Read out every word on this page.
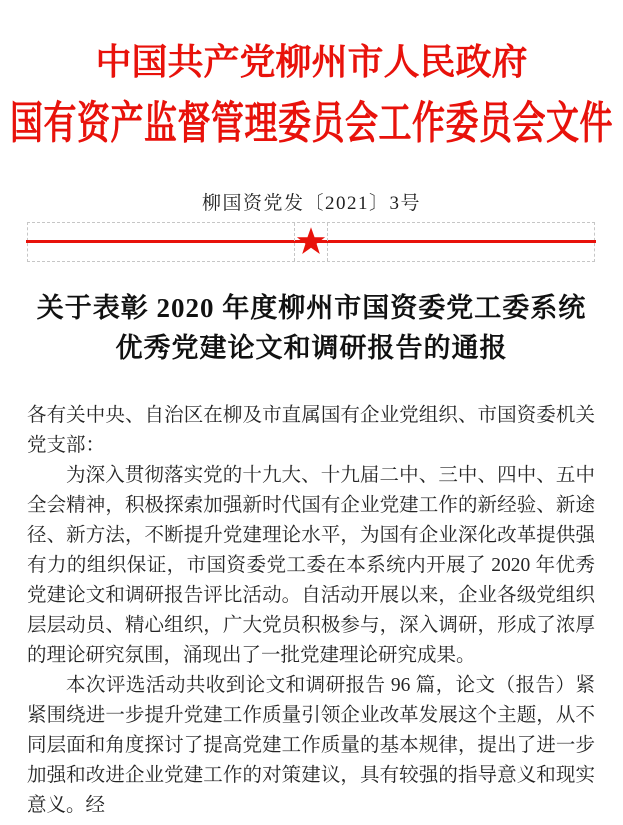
中国共产党柳州市人民政府
国有资产监督管理委员会工作委员会文件
柳国资党发〔2021〕3号
关于表彰 2020 年度柳州市国资委党工委系统
优秀党建论文和调研报告的通报

各有关中央、自治区在柳及市直属国有企业党组织、市国资委机关党支部：

为深入贯彻落实党的十九大、十九届二中、三中、四中、五中全会精神，积极探索加强新时代国有企业党建工作的新经验、新途径、新方法，不断提升党建理论水平，为国有企业深化改革提供强有力的组织保证，市国资委党工委在本系统内开展了 2020 年优秀党建论文和调研报告评比活动。自活动开展以来，企业各级党组织层层动员、精心组织，广大党员积极参与，深入调研，形成了浓厚的理论研究氛围，涌现出了一批党建理论研究成果。

本次评选活动共收到论文和调研报告 96 篇，论文（报告）紧紧围绕进一步提升党建工作质量引领企业改革发展这个主题，从不同层面和角度探讨了提高党建工作质量的基本规律，提出了进一步加强和改进企业党建工作的对策建议，具有较强的指导意义和现实意义。经
